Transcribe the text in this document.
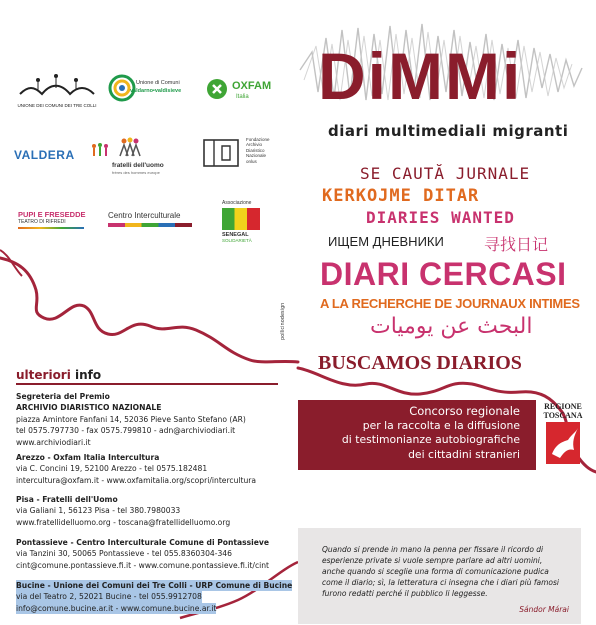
UNIONE DEI COMUNI DEI TRE COLLI
Unione di Comuni
valdarno•valdisieve	OXFAM
Italia
VALDERA
fratelli dell'uomo
frères des hommes europe
Fondazione
Archivio
Diaristico
Nazionale
onlus
PUPI E FRESEDDE
TEATRO DI RIFREDI
Centro Interculturale
Associazione
SENEGAL
SOLIDARIETÀ
ulteriori info
Segreteria del Premio
ARCHIVIO DIARISTICO NAZIONALE
piazza Amintore Fanfani 14, 52036 Pieve Santo Stefano (AR)
tel 0575.797730 - fax 0575.799810 - adn@archiviodiari.it
www.archiviodiari.it
Arezzo - Oxfam Italia Intercultura
via C. Concini 19, 52100 Arezzo - tel 0575.182481
intercultura@oxfam.it - www.oxfamitalia.org/scopri/intercultura
Pisa - Fratelli dell'Uomo
via Galiani 1, 56123 Pisa - tel 380.7980033
www.fratellidelluomo.org - toscana@fratellidelluomo.org
Pontassieve - Centro Interculturale Comune di Pontassieve
via Tanzini 30, 50065 Pontassieve - tel 055.8360304-346
cint@comune.pontassieve.fi.it - www.comune.pontassieve.fi.it/cint
Bucine - Unione dei Comuni dei Tre Colli - URP Comune di Bucine
via del Teatro 2, 52021 Bucine - tel 055.9912708
info@comune.bucine.ar.it - www.comune.bucine.ar.it
pollicinodesign
DiMMi
diari multimediali migranti
SE CAUTĂ JURNALE
KERKOJME DITAR
DIARIES WANTED
ИЩЕМ ДНЕВНИКИ	寻找日记
DIARI CERCASI
A LA RECHERCHE DE JOURNAUX INTIMES
البحث عن يوميات
BUSCAMOS DIARIOS
REGIONE
TOSCANA
Concorso regionale
per la raccolta e la diffusione
di testimonianze autobiografiche
dei cittadini stranieri
Quando si prende in mano la penna per fissare il ricordo di
esperienze private si vuole sempre parlare ad altri uomini,
anche quando si sceglie una forma di comunicazione pudica
come il diario; sì, la letteratura ci insegna che i diari più famosi
furono redatti perché il pubblico li leggesse.
Sándor Márai
